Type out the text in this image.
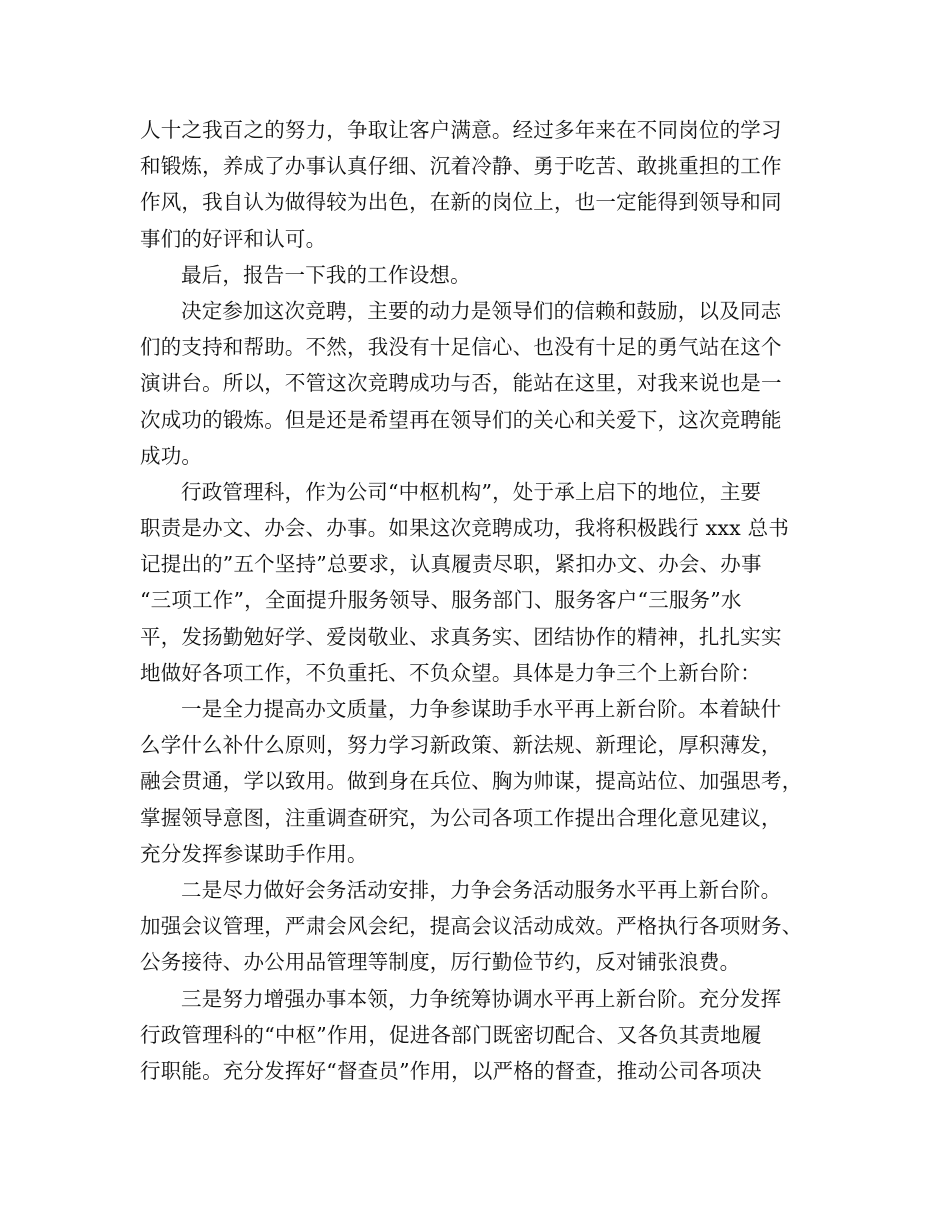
人十之我百之的努力，争取让客户满意。经过多年来在不同岗位的学习
和锻炼，养成了办事认真仔细、沉着冷静、勇于吃苦、敢挑重担的工作
作风，我自认为做得较为出色，在新的岗位上，也一定能得到领导和同
事们的好评和认可。
最后，报告一下我的工作设想。
决定参加这次竞聘，主要的动力是领导们的信赖和鼓励，以及同志
们的支持和帮助。不然，我没有十足信心、也没有十足的勇气站在这个
演讲台。所以，不管这次竞聘成功与否，能站在这里，对我来说也是一
次成功的锻炼。但是还是希望再在领导们的关心和关爱下，这次竞聘能
成功。
行政管理科，作为公司“中枢机构”，处于承上启下的地位，主要
职责是办文、办会、办事。如果这次竞聘成功，我将积极践行 xxx 总书
记提出的”五个坚持”总要求，认真履责尽职，紧扣办文、办会、办事
“三项工作”，全面提升服务领导、服务部门、服务客户“三服务”水
平，发扬勤勉好学、爱岗敬业、求真务实、团结协作的精神，扎扎实实
地做好各项工作，不负重托、不负众望。具体是力争三个上新台阶：
一是全力提高办文质量，力争参谋助手水平再上新台阶。本着缺什
么学什么补什么原则，努力学习新政策、新法规、新理论，厚积薄发，
融会贯通，学以致用。做到身在兵位、胸为帅谋，提高站位、加强思考，
掌握领导意图，注重调查研究，为公司各项工作提出合理化意见建议，
充分发挥参谋助手作用。
二是尽力做好会务活动安排，力争会务活动服务水平再上新台阶。
加强会议管理，严肃会风会纪，提高会议活动成效。严格执行各项财务、
公务接待、办公用品管理等制度，厉行勤俭节约，反对铺张浪费。
三是努力增强办事本领，力争统筹协调水平再上新台阶。充分发挥
行政管理科的“中枢”作用，促进各部门既密切配合、又各负其责地履
行职能。充分发挥好“督查员”作用，以严格的督查，推动公司各项决
